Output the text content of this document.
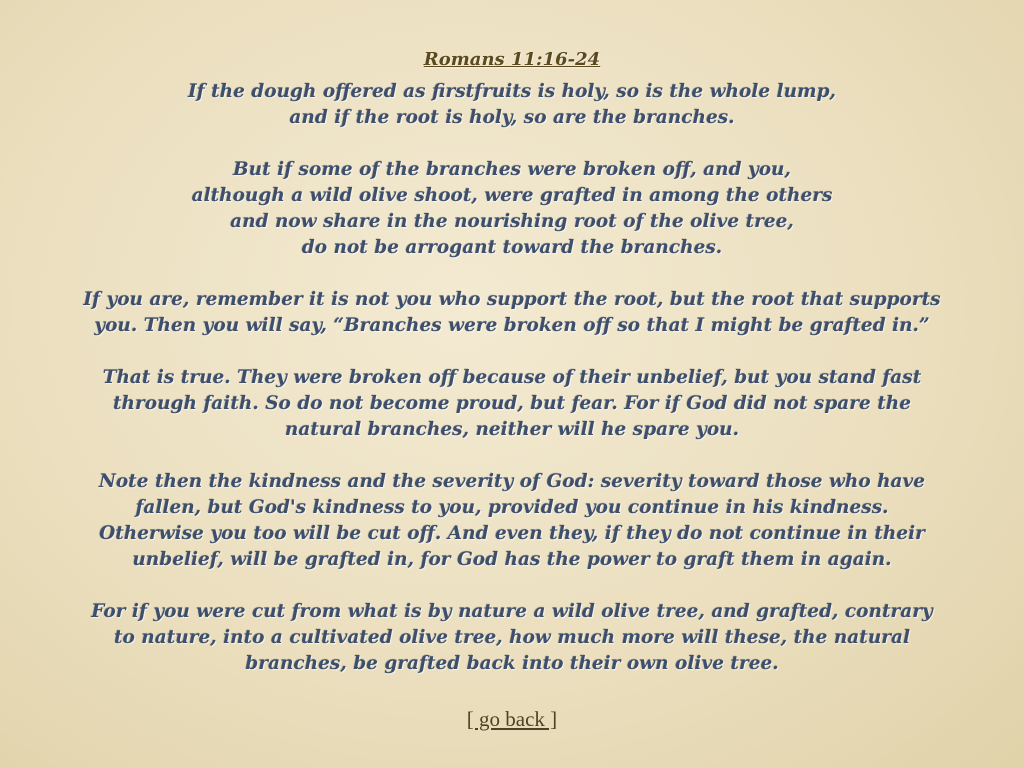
Romans 11:16-24
If the dough offered as firstfruits is holy, so is the whole lump,
and if the root is holy, so are the branches.
But if some of the branches were broken off, and you,
although a wild olive shoot, were grafted in among the others
and now share in the nourishing root of the olive tree,
do not be arrogant toward the branches.
If you are, remember it is not you who support the root, but the root that supports
you. Then you will say, “Branches were broken off so that I might be grafted in.”
That is true. They were broken off because of their unbelief, but you stand fast
through faith. So do not become proud, but fear. For if God did not spare the
natural branches, neither will he spare you.
Note then the kindness and the severity of God: severity toward those who have
fallen, but God's kindness to you, provided you continue in his kindness.
Otherwise you too will be cut off. And even they, if they do not continue in their
unbelief, will be grafted in, for God has the power to graft them in again.
For if you were cut from what is by nature a wild olive tree, and grafted, contrary
to nature, into a cultivated olive tree, how much more will these, the natural
branches, be grafted back into their own olive tree.
[ go back ]
